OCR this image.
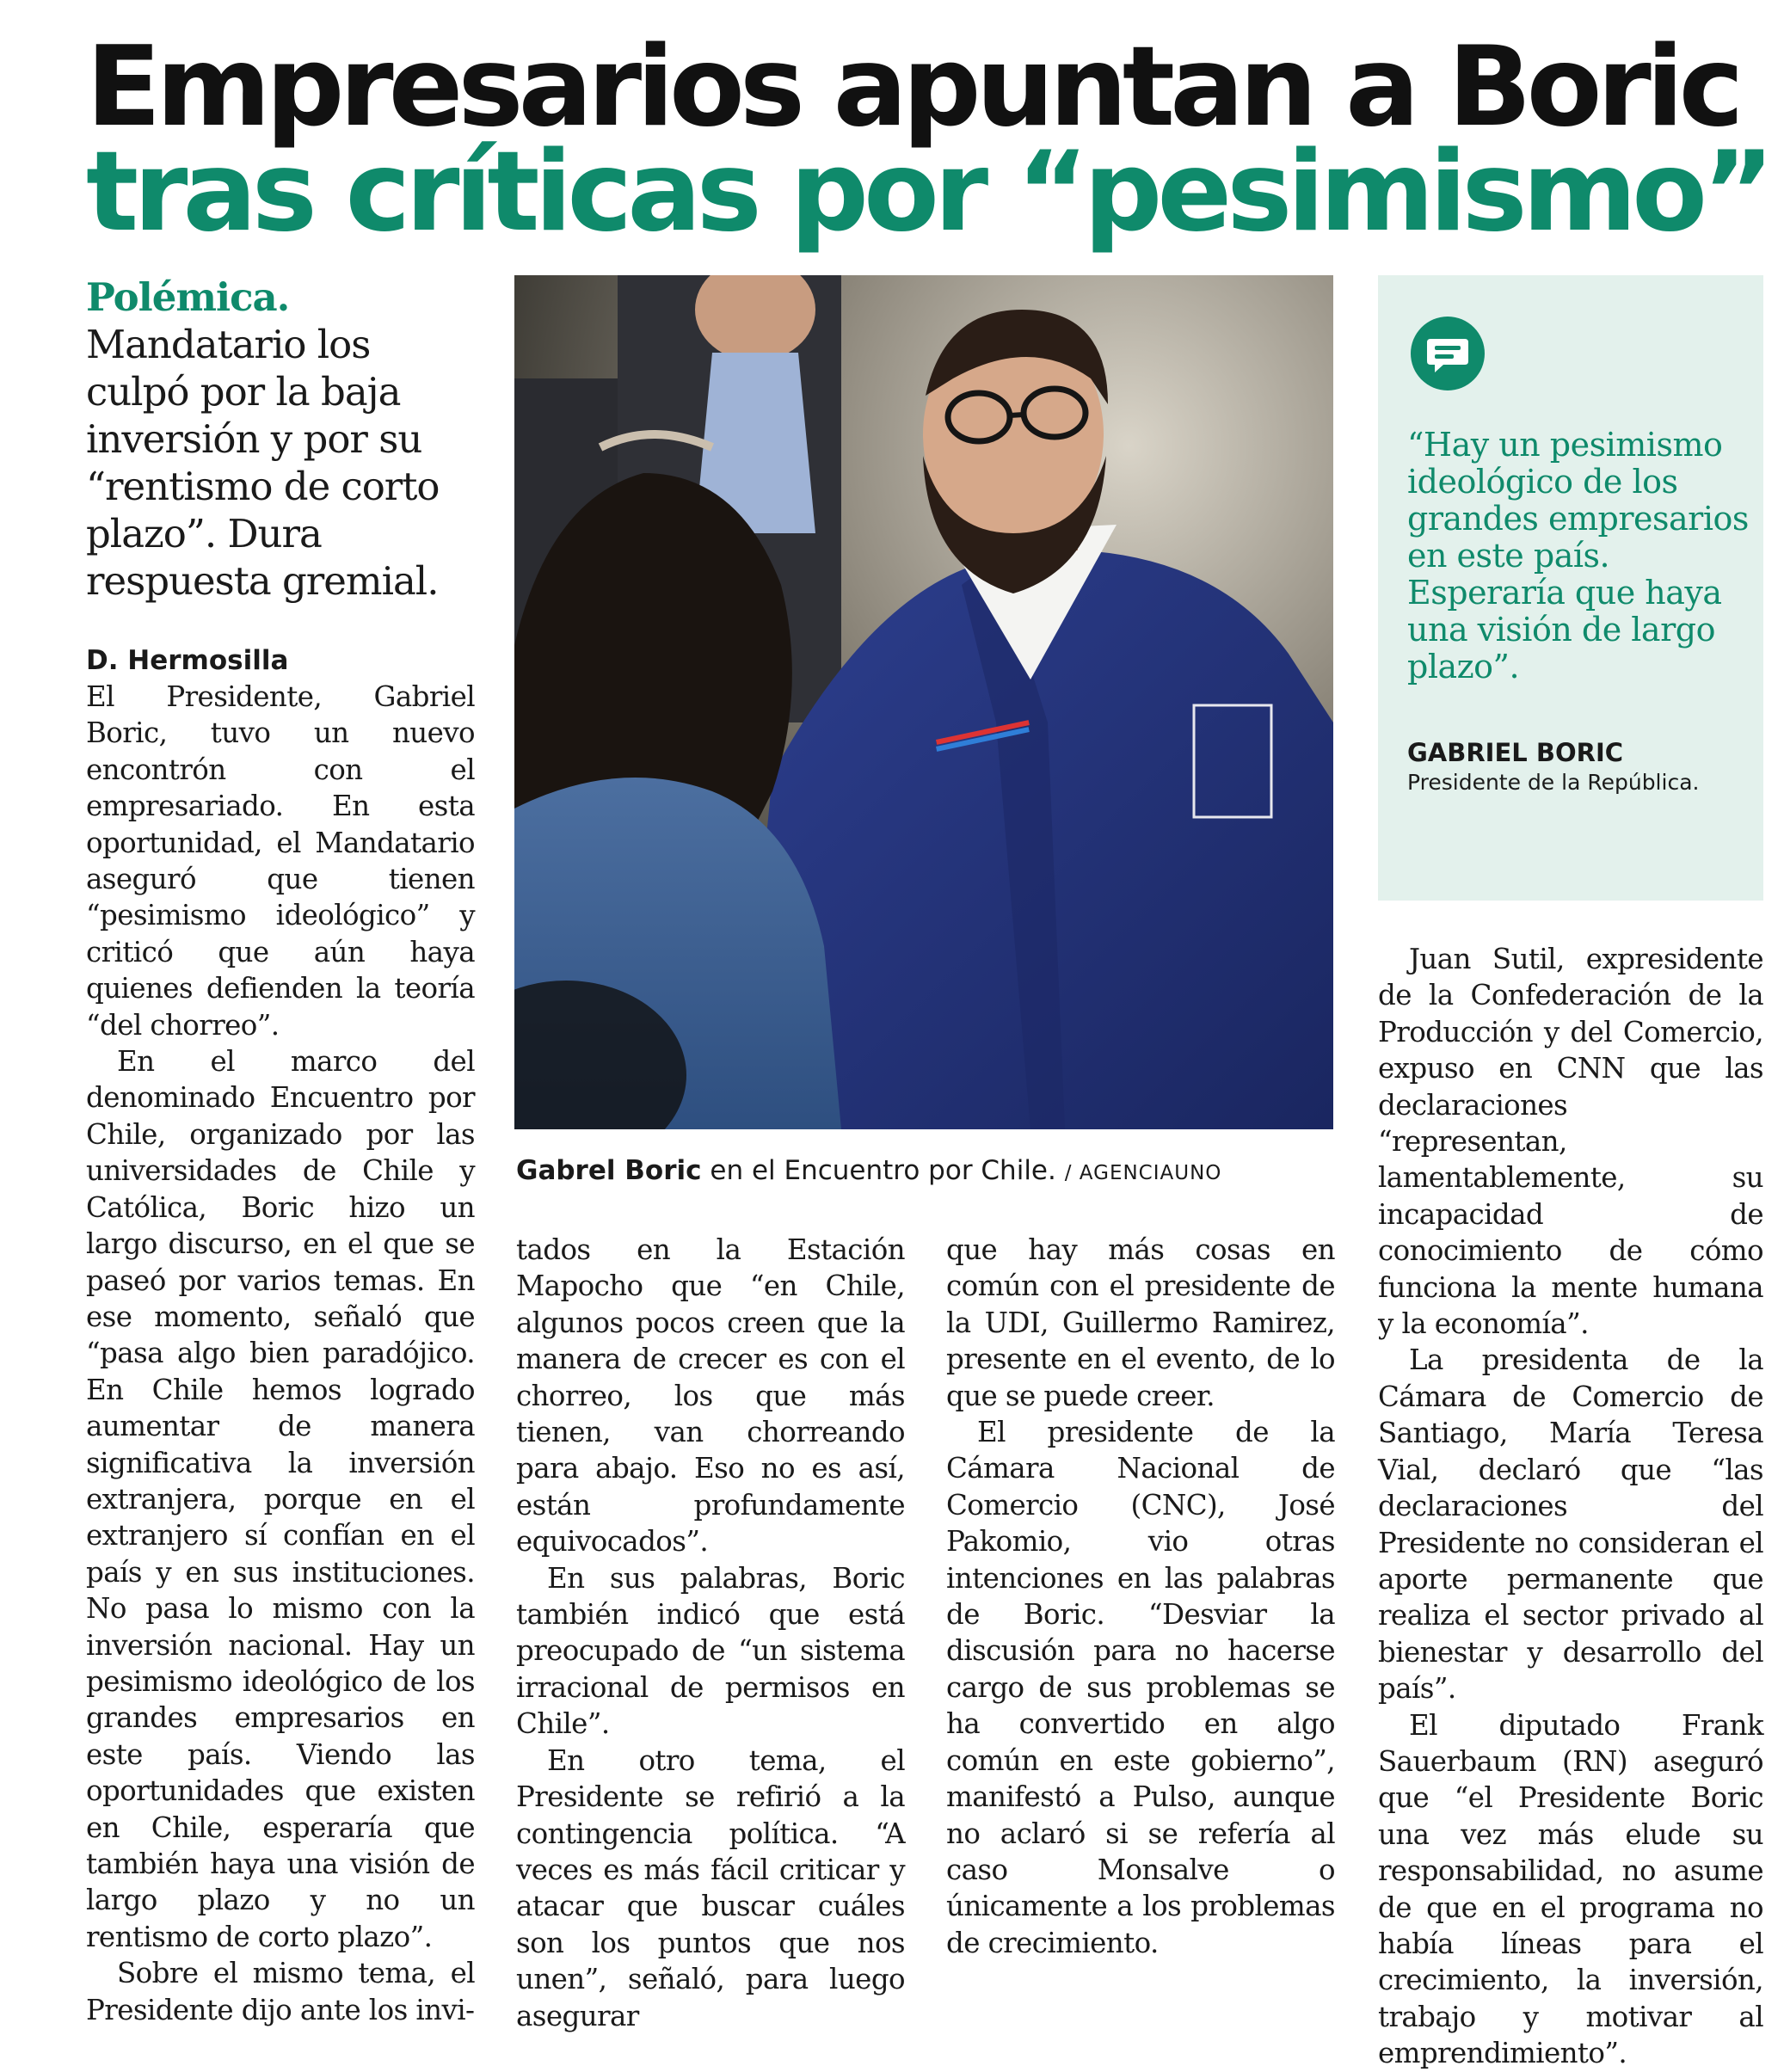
Empresarios apuntan a Boric
tras críticas por “pesimismo”
Polémica. Mandatario los culpó por la baja inversión y por su “rentismo de corto plazo”. Dura respuesta gremial.
D. Hermosilla

El Presidente, Gabriel Boric, tuvo un nuevo encontrón con el empresariado. En esta oportunidad, el Mandatario aseguró que tienen “pesimismo ideológico” y criticó que aún haya quienes defienden la teoría “del chorreo”.

En el marco del denominado Encuentro por Chile, organizado por las universidades de Chile y Católica, Boric hizo un largo discurso, en el que se paseó por varios temas. En ese momento, señaló que “pasa algo bien paradójico. En Chile hemos logrado aumentar de manera significativa la inversión extranjera, porque en el extranjero sí confían en el país y en sus instituciones. No pasa lo mismo con la inversión nacional. Hay un pesimismo ideológico de los grandes empresarios en este país. Viendo las oportunidades que existen en Chile, esperaría que también haya una visión de largo plazo y no un rentismo de corto plazo”.

Sobre el mismo tema, el Presidente dijo ante los invi-

Gabrel Boric en el Encuentro por Chile. / AGENCIAUNO
“Hay un pesimismo ideológico de los grandes empresarios en este país. Esperaría que haya una visión de largo plazo”.
GABRIEL BORIC
Presidente de la República.

tados en la Estación Mapocho que “en Chile, algunos pocos creen que la manera de crecer es con el chorreo, los que más tienen, van chorreando para abajo. Eso no es así, están profundamente equivocados”.

En sus palabras, Boric también indicó que está preocupado de “un sistema irracional de permisos en Chile”.

En otro tema, el Presidente se refirió a la contingencia política. “A veces es más fácil criticar y atacar que buscar cuáles son los puntos que nos unen”, señaló, para luego asegurar

que hay más cosas en común con el presidente de la UDI, Guillermo Ramirez, presente en el evento, de lo que se puede creer.

El presidente de la Cámara Nacional de Comercio (CNC), José Pakomio, vio otras intenciones en las palabras de Boric. “Desviar la discusión para no hacerse cargo de sus problemas se ha convertido en algo común en este gobierno”, manifestó a Pulso, aunque no aclaró si se refería al caso Monsalve o únicamente a los problemas de crecimiento.

Juan Sutil, expresidente de la Confederación de la Producción y del Comercio, expuso en CNN que las declaraciones “representan, lamentablemente, su incapacidad de conocimiento de cómo funciona la mente humana y la economía”.

La presidenta de la Cámara de Comercio de Santiago, María Teresa Vial, declaró que “las declaraciones del Presidente no consideran el aporte permanente que realiza el sector privado al bienestar y desarrollo del país”.

El diputado Frank Sauerbaum (RN) aseguró que “el Presidente Boric una vez más elude su responsabilidad, no asume de que en el programa no había líneas para el crecimiento, la inversión, trabajo y motivar al emprendimiento”.
